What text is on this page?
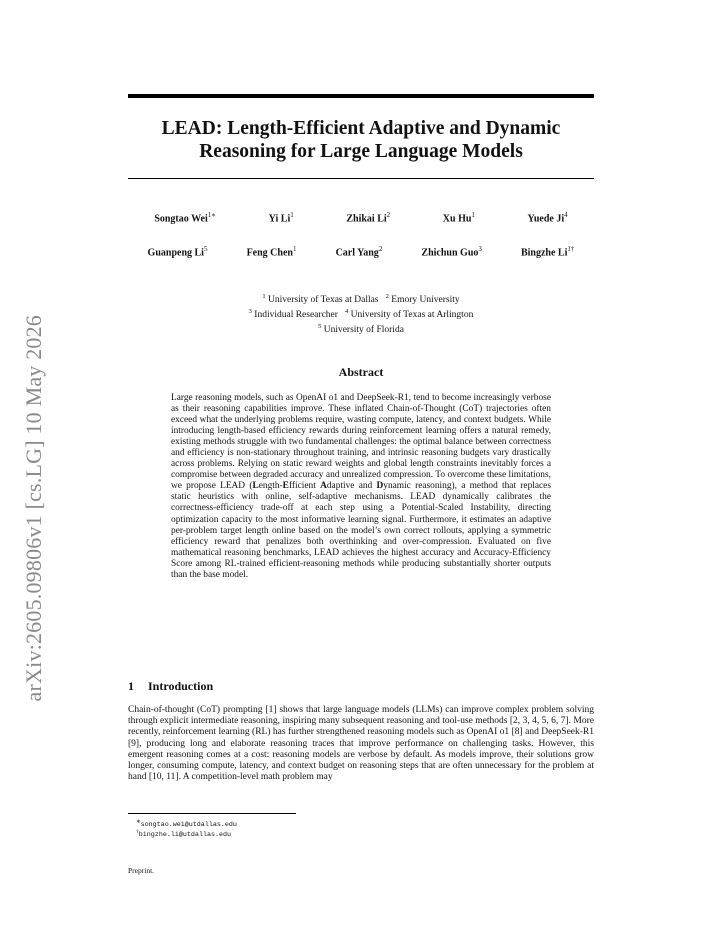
arXiv:2605.09806v1 [cs.LG] 10 May 2026
LEAD: Length-Efficient Adaptive and Dynamic Reasoning for Large Language Models
Songtao Wei$^{1∗}$	Yi Li$^1$	Zhikai Li$^2$	Xu Hu$^1$	Yuede Ji$^4$
Guanpeng Li$^5$	Feng Chen$^1$	Carl Yang$^2$	Zhichun Guo$^3$	Bingzhe $Li^{1\dagger}$
$^1$ University of Texas at Dallas $^2$ Emory University
$^3$ Individual Researcher $^4$ University of Texas at Arlington
$^5$ University of Florida
Abstract

Large reasoning models, such as OpenAI o1 and DeepSeek-R1, tend to become increasingly verbose as their reasoning capabilities improve. These inflated Chain-of-Thought (CoT) trajectories often exceed what the underlying problems require, wasting compute, latency, and context budgets. While introducing length-based efficiency rewards during reinforcement learning offers a natural remedy, existing methods struggle with two fundamental challenges: the optimal balance between correctness and efficiency is non-stationary throughout training, and intrinsic reasoning budgets vary drastically across problems. Relying on static reward weights and global length constraints inevitably forces a compromise between degraded accuracy and unrealized compression. To overcome these limitations, we propose LEAD (Length-Efficient Adaptive and Dynamic reasoning), a method that replaces static heuristics with online, self-adaptive mechanisms. LEAD dynamically calibrates the correctness-efficiency trade-off at each step using a Potential-Scaled Instability, directing optimization capacity to the most informative learning signal. Furthermore, it estimates an adaptive per-problem target length online based on the model’s own correct rollouts, applying a symmetric efficiency reward that penalizes both overthinking and over-compression. Evaluated on five mathematical reasoning benchmarks, LEAD achieves the highest accuracy and Accuracy-Efficiency Score among RL-trained efficient-reasoning methods while producing substantially shorter outputs than the base model.

1 Introduction

Chain-of-thought (CoT) prompting [1] shows that large language models (LLMs) can improve complex problem solving through explicit intermediate reasoning, inspiring many subsequent reasoning and tool-use methods [2, 3, 4, 5, 6, 7]. More recently, reinforcement learning (RL) has further strengthened reasoning models such as OpenAI o1 [8] and DeepSeek-R1 [9], producing long and elaborate reasoning traces that improve performance on challenging tasks. However, this emergent reasoning comes at a cost: reasoning models are verbose by default. As models improve, their solutions grow longer, consuming compute, latency, and context budget on reasoning steps that are often unnecessary for the problem at hand [10, 11]. A competition-level math problem may

∗songtao.wei@utdallas.edu
†bingzhe.li@utdallas.edu
Preprint.
